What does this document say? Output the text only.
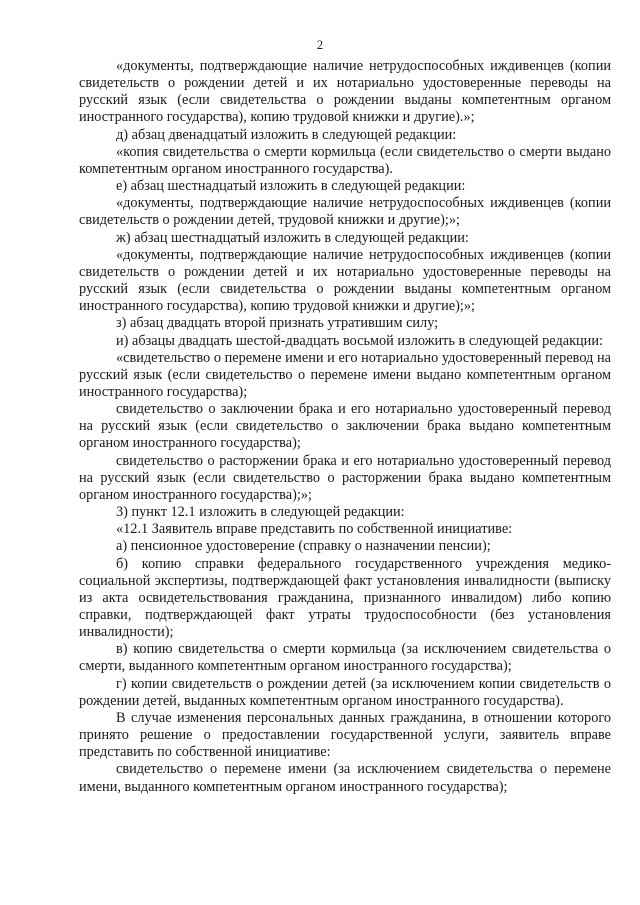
2

«документы, подтверждающие наличие нетрудоспособных иждивенцев (копии свидетельств о рождении детей и их нотариально удостоверенные переводы на русский язык (если свидетельства о рождении выданы компетентным органом иностранного государства), копию трудовой книжки и другие).»;

д) абзац двенадцатый изложить в следующей редакции:

«копия свидетельства о смерти кормильца (если свидетельство о смерти выдано компетентным органом иностранного государства).

е) абзац шестнадцатый изложить в следующей редакции:

«документы, подтверждающие наличие нетрудоспособных иждивенцев (копии свидетельств о рождении детей, трудовой книжки и другие);»;

ж) абзац шестнадцатый изложить в следующей редакции:

«документы, подтверждающие наличие нетрудоспособных иждивенцев (копии свидетельств о рождении детей и их нотариально удостоверенные переводы на русский язык (если свидетельства о рождении выданы компетентным органом иностранного государства), копию трудовой книжки и другие);»;

з) абзац двадцать второй признать утратившим силу;

и) абзацы двадцать шестой-двадцать восьмой изложить в следующей редакции:

«свидетельство о перемене имени и его нотариально удостоверенный перевод на русский язык (если свидетельство о перемене имени выдано компетентным органом иностранного государства);

свидетельство о заключении брака и его нотариально удостоверенный перевод на русский язык (если свидетельство о заключении брака выдано компетентным органом иностранного государства);

свидетельство о расторжении брака и его нотариально удостоверенный перевод на русский язык (если свидетельство о расторжении брака выдано компетентным органом иностранного государства);»;

3) пункт 12.1 изложить в следующей редакции:

«12.1 Заявитель вправе представить по собственной инициативе:

а) пенсионное удостоверение (справку о назначении пенсии);

б) копию справки федерального государственного учреждения медико-социальной экспертизы, подтверждающей факт установления инвалидности (выписку из акта освидетельствования гражданина, признанного инвалидом) либо копию справки, подтверждающей факт утраты трудоспособности (без установления инвалидности);

в) копию свидетельства о смерти кормильца (за исключением свидетельства о смерти, выданного компетентным органом иностранного государства);

г) копии свидетельств о рождении детей (за исключением копии свидетельств о рождении детей, выданных компетентным органом иностранного государства).

В случае изменения персональных данных гражданина, в отношении которого принято решение о предоставлении государственной услуги, заявитель вправе представить по собственной инициативе:

свидетельство о перемене имени (за исключением свидетельства о перемене имени, выданного компетентным органом иностранного государства);
